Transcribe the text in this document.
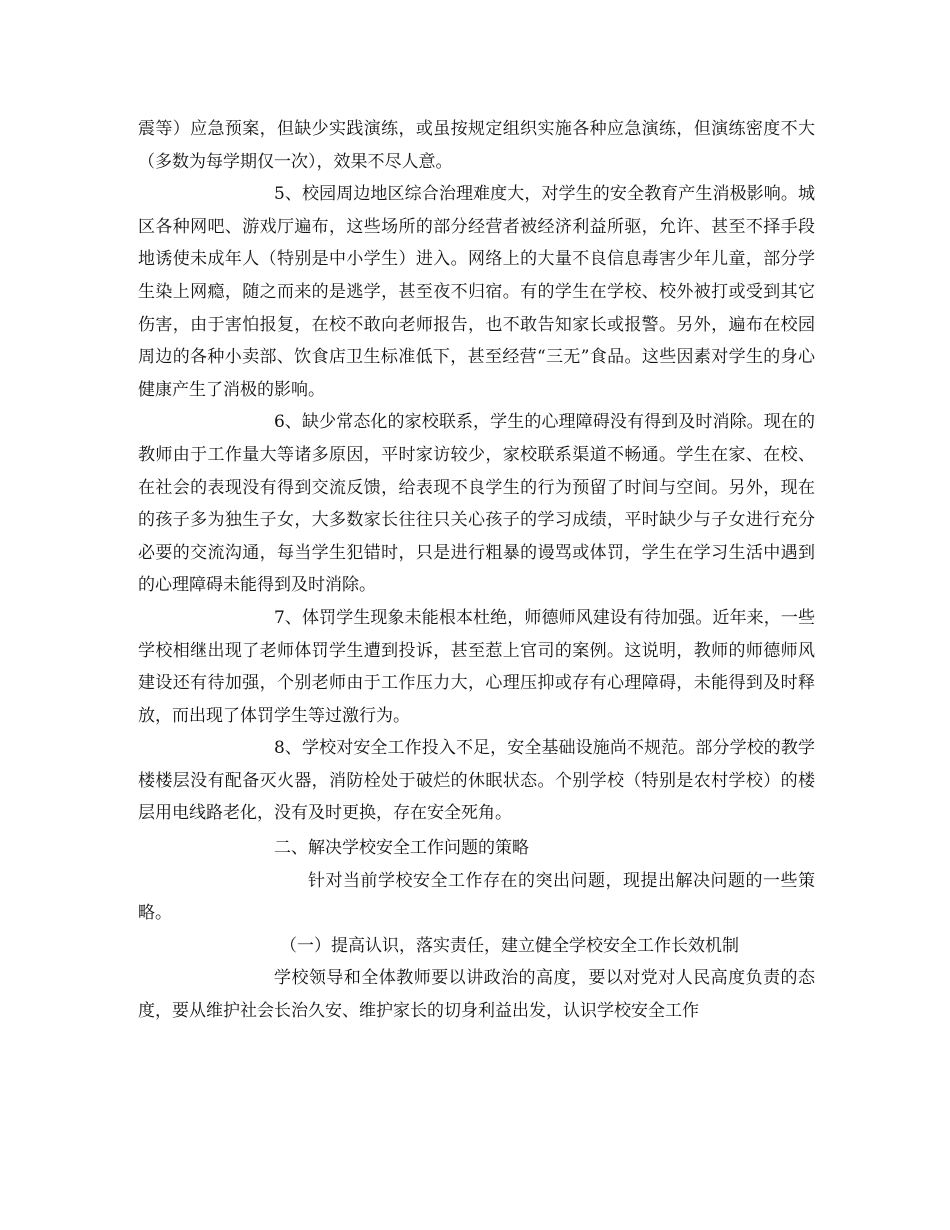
震等）应急预案，但缺少实践演练，或虽按规定组织实施各种应急演练，但演练密度不大（多数为每学期仅一次），效果不尽人意。

5、校园周边地区综合治理难度大，对学生的安全教育产生消极影响。城区各种网吧、游戏厅遍布，这些场所的部分经营者被经济利益所驱，允许、甚至不择手段地诱使未成年人（特别是中小学生）进入。网络上的大量不良信息毒害少年儿童，部分学生染上网瘾，随之而来的是逃学，甚至夜不归宿。有的学生在学校、校外被打或受到其它伤害，由于害怕报复，在校不敢向老师报告，也不敢告知家长或报警。另外，遍布在校园周边的各种小卖部、饮食店卫生标准低下，甚至经营“三无”食品。这些因素对学生的身心健康产生了消极的影响。

6、缺少常态化的家校联系，学生的心理障碍没有得到及时消除。现在的教师由于工作量大等诸多原因，平时家访较少，家校联系渠道不畅通。学生在家、在校、在社会的表现没有得到交流反馈，给表现不良学生的行为预留了时间与空间。另外，现在的孩子多为独生子女，大多数家长往往只关心孩子的学习成绩，平时缺少与子女进行充分必要的交流沟通，每当学生犯错时，只是进行粗暴的谩骂或体罚，学生在学习生活中遇到的心理障碍未能得到及时消除。

7、体罚学生现象未能根本杜绝，师德师风建设有待加强。近年来，一些学校相继出现了老师体罚学生遭到投诉，甚至惹上官司的案例。这说明，教师的师德师风建设还有待加强，个别老师由于工作压力大，心理压抑或存有心理障碍，未能得到及时释放，而出现了体罚学生等过激行为。

8、学校对安全工作投入不足，安全基础设施尚不规范。部分学校的教学楼楼层没有配备灭火器，消防栓处于破烂的休眠状态。个别学校（特别是农村学校）的楼层用电线路老化，没有及时更换，存在安全死角。

二、解决学校安全工作问题的策略

针对当前学校安全工作存在的突出问题，现提出解决问题的一些策略。

（一）提高认识，落实责任，建立健全学校安全工作长效机制

学校领导和全体教师要以讲政治的高度，要以对党对人民高度负责的态度，要从维护社会长治久安、维护家长的切身利益出发，认识学校安全工作
